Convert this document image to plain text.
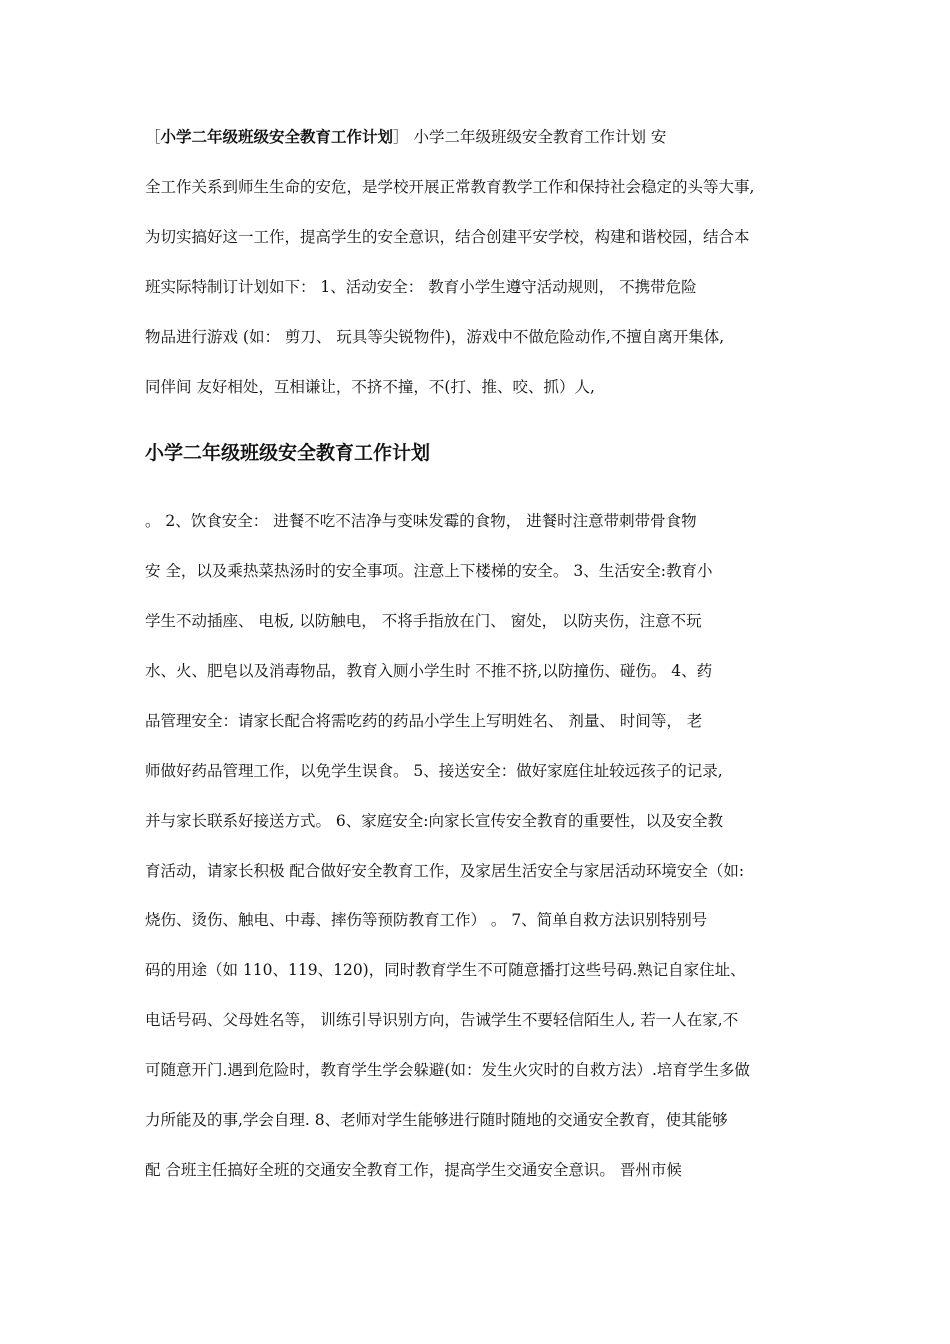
［小学二年级班级安全教育工作计划］ 小学二年级班级安全教育工作计划 安
全工作关系到师生生命的安危，是学校开展正常教育教学工作和保持社会稳定的头等大事,
为切实搞好这一工作，提高学生的安全意识，结合创建平安学校，构建和谐校园，结合本
班实际特制订计划如下： 1、活动安全： 教育小学生遵守活动规则， 不携带危险
物品进行游戏 (如： 剪刀、 玩具等尖锐物件)，游戏中不做危险动作,不擅自离开集体,
同伴间 友好相处，互相谦让，不挤不撞，不(打、推、咬、抓）人,
小学二年级班级安全教育工作计划
。 2、饮食安全： 进餐不吃不洁净与变味发霉的食物， 进餐时注意带刺带骨食物
安 全，以及乘热菜热汤时的安全事项。注意上下楼梯的安全。 3、生活安全:教育小
学生不动插座、 电板, 以防触电， 不将手指放在门、 窗处， 以防夹伤，注意不玩
水、火、肥皂以及消毒物品，教育入厕小学生时 不推不挤,以防撞伤、碰伤。 4、药
品管理安全：请家长配合将需吃药的药品小学生上写明姓名、 剂量、 时间等， 老
师做好药品管理工作，以免学生误食。 5、接送安全：做好家庭住址较远孩子的记录,
并与家长联系好接送方式。 6、家庭安全:向家长宣传安全教育的重要性，以及安全教
育活动，请家长积极 配合做好安全教育工作，及家居生活安全与家居活动环境安全（如:
烧伤、烫伤、触电、中毒、摔伤等预防教育工作） 。 7、简单自救方法识别特别号
码的用途（如 110、119、120)，同时教育学生不可随意播打这些号码.熟记自家住址、
电话号码、父母姓名等， 训练引导识别方向，告诫学生不要轻信陌生人, 若一人在家,不
可随意开门.遇到危险时，教育学生学会躲避(如：发生火灾时的自救方法）.培育学生多做
力所能及的事,学会自理. 8、老师对学生能够进行随时随地的交通安全教育，使其能够
配 合班主任搞好全班的交通安全教育工作，提高学生交通安全意识。 晋州市候
